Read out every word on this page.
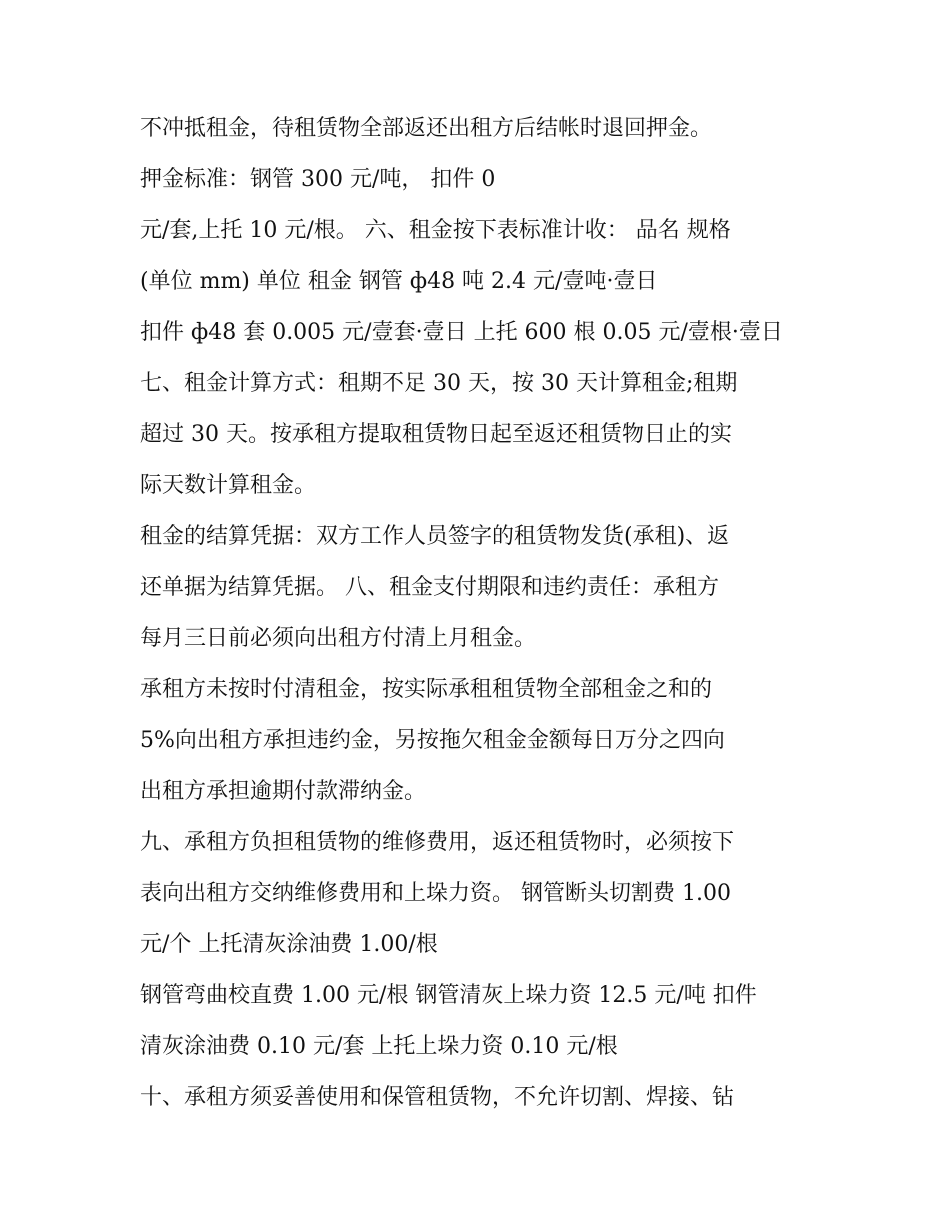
不冲抵租金，待租赁物全部返还出租方后结帐时退回押金。
押金标准：钢管 300 元/吨， 扣件 0
元/套,上托 10 元/根。 六、租金按下表标准计收： 品名 规格
(单位 mm) 单位 租金 钢管 ф48 吨 2.4 元/壹吨·壹日
扣件 ф48 套 0.005 元/壹套·壹日 上托 600 根 0.05 元/壹根·壹日
七、租金计算方式：租期不足 30 天，按 30 天计算租金;租期
超过 30 天。按承租方提取租赁物日起至返还租赁物日止的实
际天数计算租金。
租金的结算凭据：双方工作人员签字的租赁物发货(承租)、返
还单据为结算凭据。 八、租金支付期限和违约责任：承租方
每月三日前必须向出租方付清上月租金。
承租方未按时付清租金，按实际承租租赁物全部租金之和的
5%向出租方承担违约金，另按拖欠租金金额每日万分之四向
出租方承担逾期付款滞纳金。
九、承租方负担租赁物的维修费用，返还租赁物时，必须按下
表向出租方交纳维修费用和上垛力资。 钢管断头切割费 1.00
元/个 上托清灰涂油费 1.00/根
钢管弯曲校直费 1.00 元/根 钢管清灰上垛力资 12.5 元/吨 扣件
清灰涂油费 0.10 元/套 上托上垛力资 0.10 元/根
十、承租方须妥善使用和保管租赁物，不允许切割、焊接、钻
